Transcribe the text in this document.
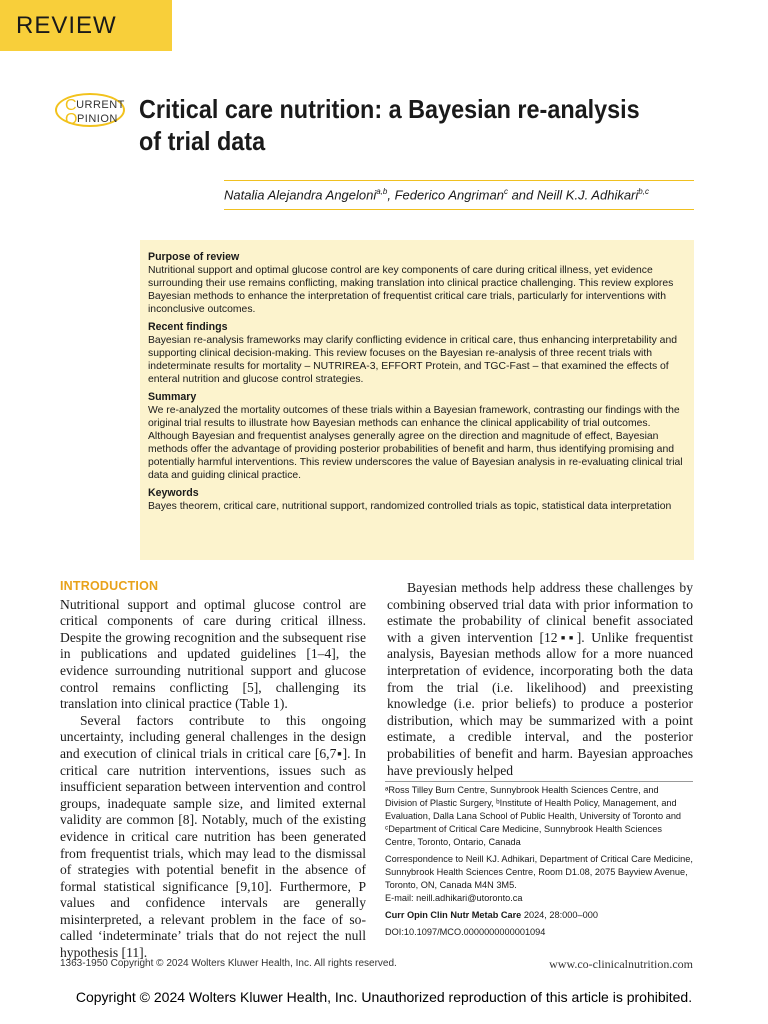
REVIEW
CURRENT
OPINION Critical care nutrition: a Bayesian re-analysis of trial data
Natalia Alejandra Angeloni$^{a,b}$, Federico Angriman$^c$ and Neill K.J. Adhikari$^{b,c}$
Purpose of review

Nutritional support and optimal glucose control are key components of care during critical illness, yet evidence surrounding their use remains conflicting, making translation into clinical practice challenging. This review explores Bayesian methods to enhance the interpretation of frequentist critical care trials, particularly for interventions with inconclusive outcomes.

Recent findings

Bayesian re-analysis frameworks may clarify conflicting evidence in critical care, thus enhancing interpretability and supporting clinical decision-making. This review focuses on the Bayesian re-analysis of three recent trials with indeterminate results for mortality – NUTRIREA-3, EFFORT Protein, and TGC-Fast – that examined the effects of enteral nutrition and glucose control strategies.

Summary

We re-analyzed the mortality outcomes of these trials within a Bayesian framework, contrasting our findings with the original trial results to illustrate how Bayesian methods can enhance the clinical applicability of trial outcomes. Although Bayesian and frequentist analyses generally agree on the direction and magnitude of effect, Bayesian methods offer the advantage of providing posterior probabilities of benefit and harm, thus identifying promising and potentially harmful interventions. This review underscores the value of Bayesian analysis in re-evaluating clinical trial data and guiding clinical practice.

Keywords

Bayes theorem, critical care, nutritional support, randomized controlled trials as topic, statistical data interpretation

INTRODUCTION

Nutritional support and optimal glucose control are critical components of care during critical illness. Despite the growing recognition and the subsequent rise in publications and updated guidelines [1–4], the evidence surrounding nutritional support and glucose control remains conflicting [5], challenging its translation into clinical practice (Table 1).

Several factors contribute to this ongoing uncertainty, including general challenges in the design and execution of clinical trials in critical care [6,7▪]. In critical care nutrition interventions, issues such as insufficient separation between intervention and control groups, inadequate sample size, and limited external validity are common [8]. Notably, much of the existing evidence in critical care nutrition has been generated from frequentist trials, which may lead to the dismissal of strategies with potential benefit in the absence of formal statistical significance [9,10]. Furthermore, P values and confidence intervals are generally misinterpreted, a relevant problem in the face of so-called ‘indeterminate’ trials that do not reject the null hypothesis [11].

Bayesian methods help address these challenges by combining observed trial data with prior information to estimate the probability of clinical benefit associated with a given intervention [12▪▪]. Unlike frequentist analysis, Bayesian methods allow for a more nuanced interpretation of evidence, incorporating both the data from the trial (i.e. likelihood) and preexisting knowledge (i.e. prior beliefs) to produce a posterior distribution, which may be summarized with a point estimate, a credible interval, and the posterior probabilities of benefit and harm. Bayesian approaches have previously helped

ᵃRoss Tilley Burn Centre, Sunnybrook Health Sciences Centre, and Division of Plastic Surgery, ᵇInstitute of Health Policy, Management, and Evaluation, Dalla Lana School of Public Health, University of Toronto and ᶜDepartment of Critical Care Medicine, Sunnybrook Health Sciences Centre, Toronto, Ontario, Canada

Correspondence to Neill KJ. Adhikari, Department of Critical Care Medicine, Sunnybrook Health Sciences Centre, Room D1.08, 2075 Bayview Avenue, Toronto, ON, Canada M4N 3M5.

E-mail: neill.adhikari@utoronto.ca

Curr Opin Clin Nutr Metab Care 2024, 28:000–000

DOI:10.1097/MCO.0000000000001094

1363-1950 Copyright © 2024 Wolters Kluwer Health, Inc. All rights reserved.	www.co-clinicalnutrition.com
Copyright © 2024 Wolters Kluwer Health, Inc. Unauthorized reproduction of this article is prohibited.
